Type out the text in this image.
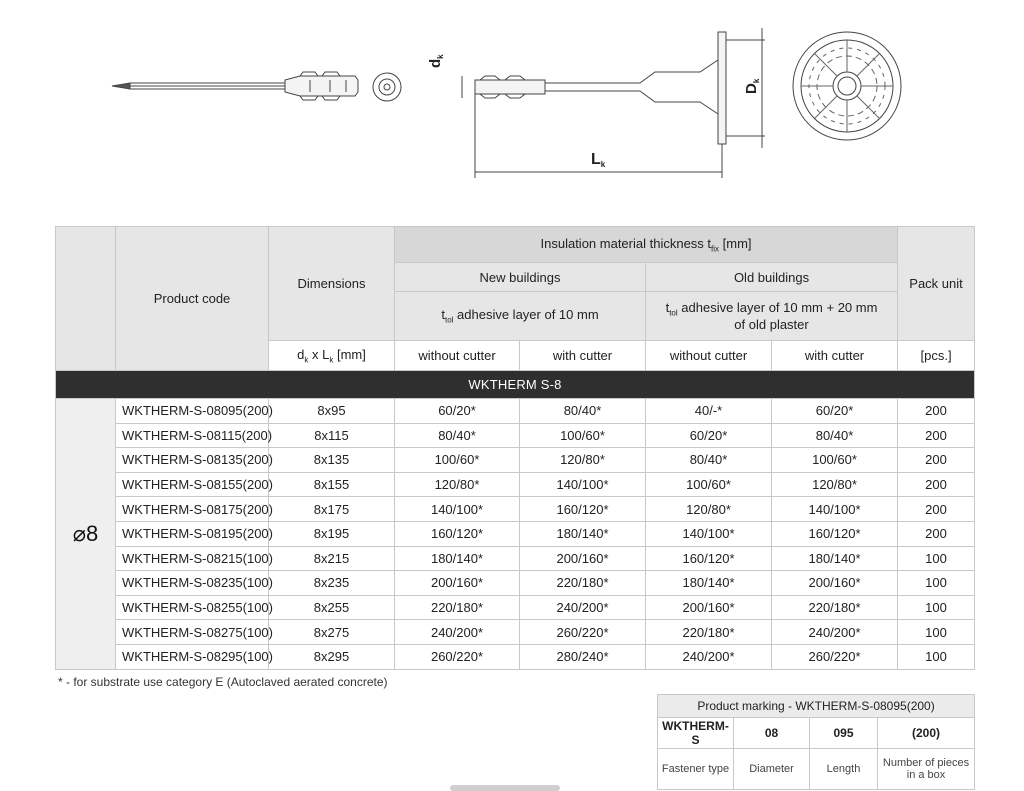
$d_k$
$D_k$
Lk
	Product code	Dimensions	Insulation material thickness $t_{fix}$ [mm]				Pack unit
			New buildings		Old buildings		
			$t_{tol}$ adhesive layer of 10 mm		$t_{tol}$ adhesive layer of 10 mm + 20 mm
of old plaster		
		$d_k$ x $L_k$ [mm]	without cutter	with cutter	without cutter	with cutter	[pcs.]
WKTHERM S-8							
⌀8	WKTHERM-S-08095(200)	8x95	60/20*	80/40*	40/-*	60/20*	200
	WKTHERM-S-08115(200)	8x115	80/40*	100/60*	60/20*	80/40*	200
	WKTHERM-S-08135(200)	8x135	100/60*	120/80*	80/40*	100/60*	200
	WKTHERM-S-08155(200)	8x155	120/80*	140/100*	100/60*	120/80*	200
	WKTHERM-S-08175(200)	8x175	140/100*	160/120*	120/80*	140/100*	200
	WKTHERM-S-08195(200)	8x195	160/120*	180/140*	140/100*	160/120*	200
	WKTHERM-S-08215(100)	8x215	180/140*	200/160*	160/120*	180/140*	100
	WKTHERM-S-08235(100)	8x235	200/160*	220/180*	180/140*	200/160*	100
	WKTHERM-S-08255(100)	8x255	220/180*	240/200*	200/160*	220/180*	100
	WKTHERM-S-08275(100)	8x275	240/200*	260/220*	220/180*	240/200*	100
	WKTHERM-S-08295(100)	8x295	260/220*	280/240*	240/200*	260/220*	100
* - for substrate use category E (Autoclaved aerated concrete)
Product marking - WKTHERM-S-08095(200)			
WKTHERM-S	08	095	(200)
Fastener type	Diameter	Length	Number of pieces in a box
